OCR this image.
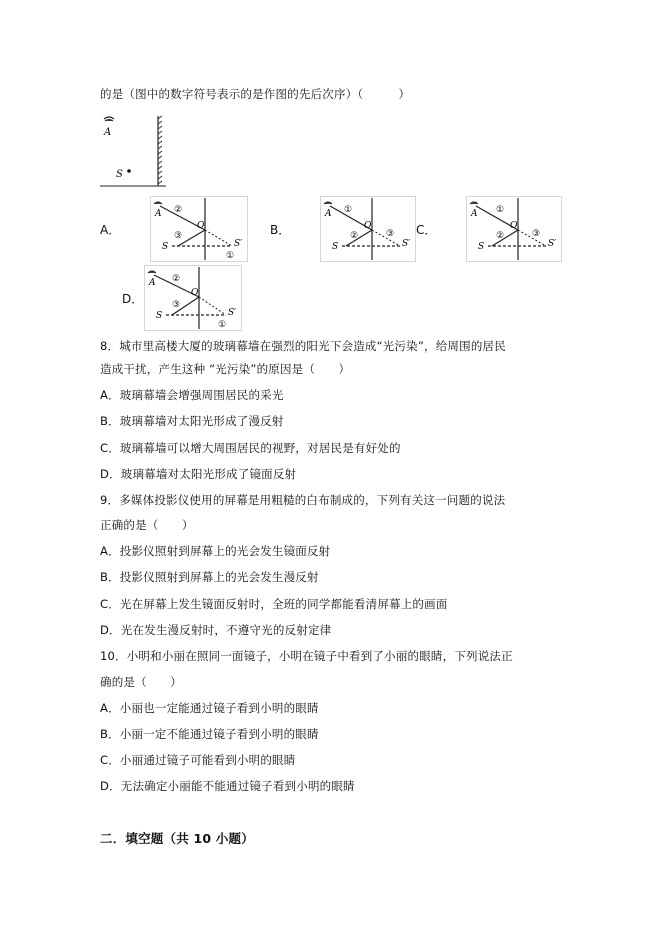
的是（图中的数字符号表示的是作图的先后次序）（　　　）
A
S
A．
A
S	S′
O
②
③
①
B．
A
S	S′
O
①
②	③ C．
A
S	S′
O
①
②	③
D．
A
S	S′
O
②
③
①
8．城市里高楼大厦的玻璃幕墙在强烈的阳光下会造成“光污染”，给周围的居民
造成干扰，产生这种 “光污染”的原因是（　　）
A．玻璃幕墙会增强周围居民的采光
B．玻璃幕墙对太阳光形成了漫反射
C．玻璃幕墙可以增大周围居民的视野，对居民是有好处的
D．玻璃幕墙对太阳光形成了镜面反射
9．多媒体投影仪使用的屏幕是用粗糙的白布制成的，下列有关这一问题的说法
正确的是（　　）
A．投影仪照射到屏幕上的光会发生镜面反射
B．投影仪照射到屏幕上的光会发生漫反射
C．光在屏幕上发生镜面反射时，全班的同学都能看清屏幕上的画面
D．光在发生漫反射时，不遵守光的反射定律
10．小明和小丽在照同一面镜子，小明在镜子中看到了小丽的眼睛，下列说法正
确的是（　　）
A．小丽也一定能通过镜子看到小明的眼睛
B．小丽一定不能通过镜子看到小明的眼睛
C．小丽通过镜子可能看到小明的眼睛
D．无法确定小丽能不能通过镜子看到小明的眼睛
二．填空题（共 10 小题）
